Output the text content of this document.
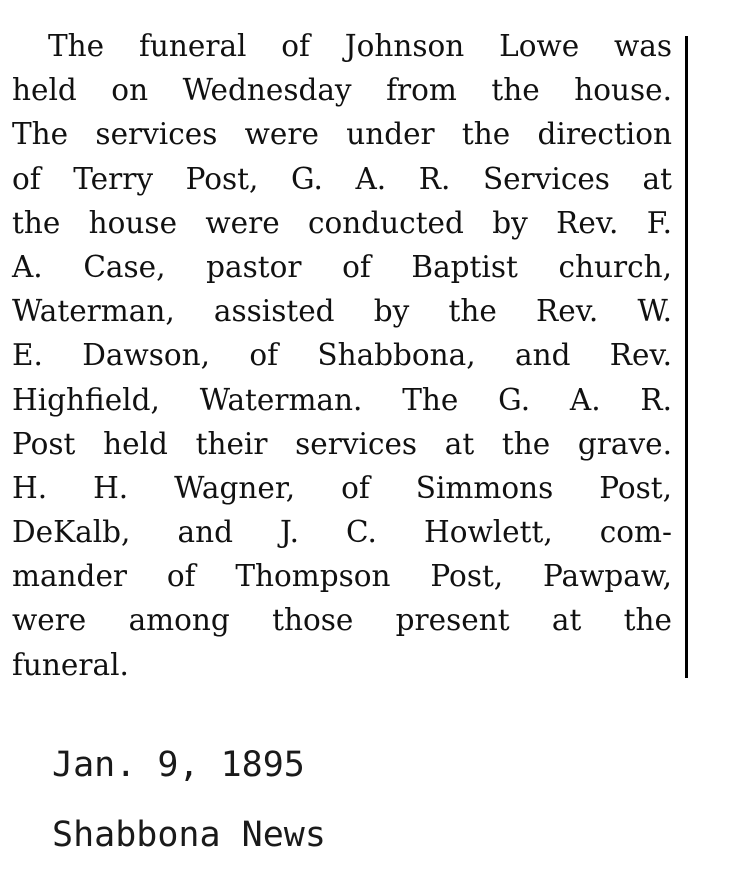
The funeral of Johnson Lowe was
held on Wednesday from the house.
The services were under the direction
of Terry Post, G. A. R. Services at
the house were conducted by Rev. F.
A. Case, pastor of Baptist church,
Waterman, assisted by the Rev. W.
E. Dawson, of Shabbona, and Rev.
Highfield, Waterman. The G. A. R.
Post held their services at the grave.
H. H. Wagner, of Simmons Post,
DeKalb, and J. C. Howlett, com-
mander of Thompson Post, Pawpaw,
were among those present at the
funeral.
Jan. 9, 1895
Shabbona News
